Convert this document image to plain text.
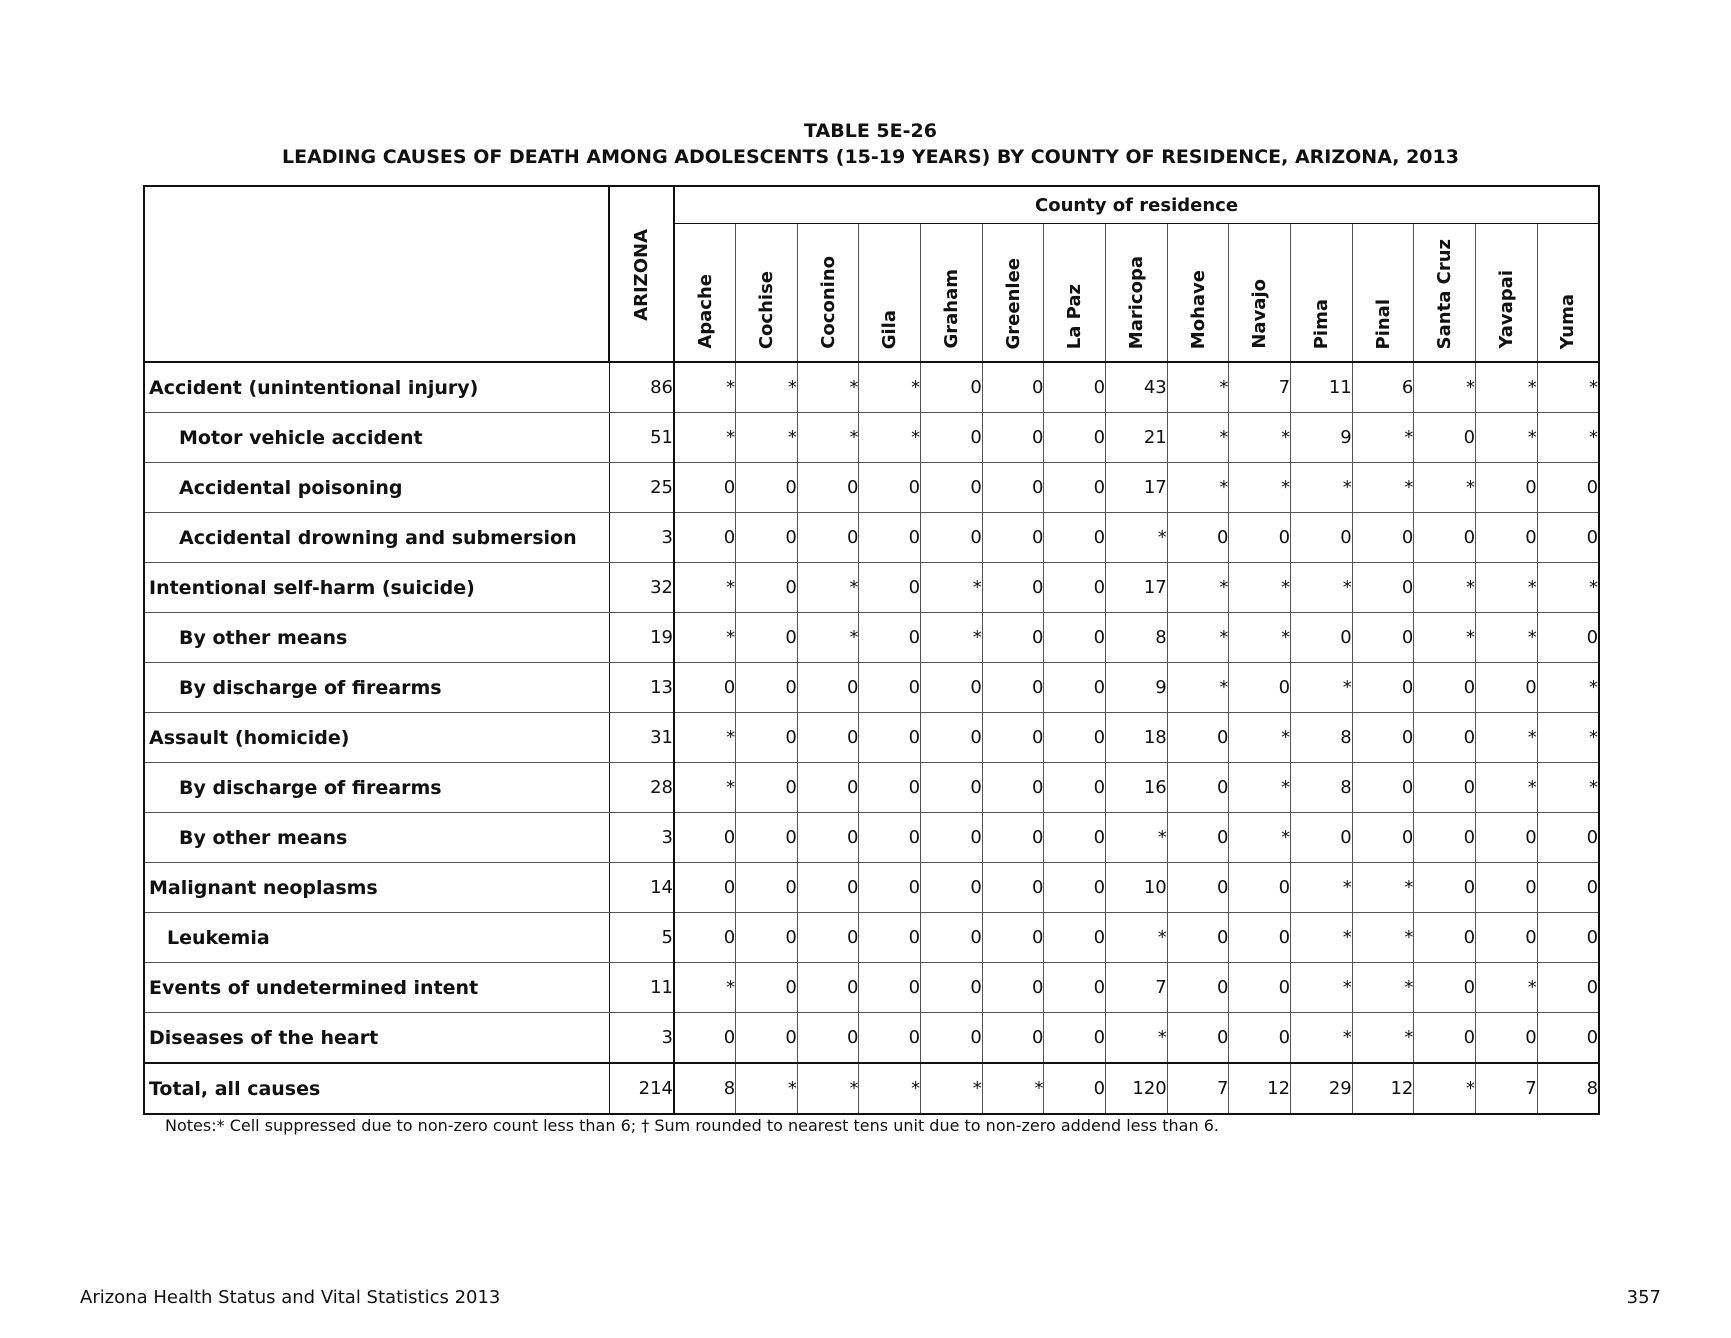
TABLE 5E-26
LEADING CAUSES OF DEATH AMONG ADOLESCENTS (15-19 YEARS) BY COUNTY OF RESIDENCE, ARIZONA, 2013

	ARIZONA	County of residence														

		Apache	Cochise	Coconino	Gila	Graham	Greenlee	La Paz	Maricopa	Mohave	Navajo	Pima	Pinal	Santa Cruz	Yavapai	Yuma

Accident (unintentional injury)	86	*	*	*	*	0	0	0	43	*	7	11	6	*	*	*
Motor vehicle accident	51	*	*	*	*	0	0	0	21	*	*	9	*	0	*	*
Accidental poisoning	25	0	0	0	0	0	0	0	17	*	*	*	*	*	0	0
Accidental drowning and submersion	3	0	0	0	0	0	0	0	*	0	0	0	0	0	0	0
Intentional self-harm (suicide)	32	*	0	*	0	*	0	0	17	*	*	*	0	*	*	*
By other means	19	*	0	*	0	*	0	0	8	*	*	0	0	*	*	0
By discharge of firearms	13	0	0	0	0	0	0	0	9	*	0	*	0	0	0	*
Assault (homicide)	31	*	0	0	0	0	0	0	18	0	*	8	0	0	*	*
By discharge of firearms	28	*	0	0	0	0	0	0	16	0	*	8	0	0	*	*
By other means	3	0	0	0	0	0	0	0	*	0	*	0	0	0	0	0
Malignant neoplasms	14	0	0	0	0	0	0	0	10	0	0	*	*	0	0	0
Leukemia	5	0	0	0	0	0	0	0	*	0	0	*	*	0	0	0
Events of undetermined intent	11	*	0	0	0	0	0	0	7	0	0	*	*	0	*	0
Diseases of the heart	3	0	0	0	0	0	0	0	*	0	0	*	*	0	0	0
Total, all causes	214	8	*	*	*	*	*	0	120	7	12	29	12	*	7	8
Notes:* Cell suppressed due to non-zero count less than 6; † Sum rounded to nearest tens unit due to non-zero addend less than 6.
Arizona Health Status and Vital Statistics 2013	357
